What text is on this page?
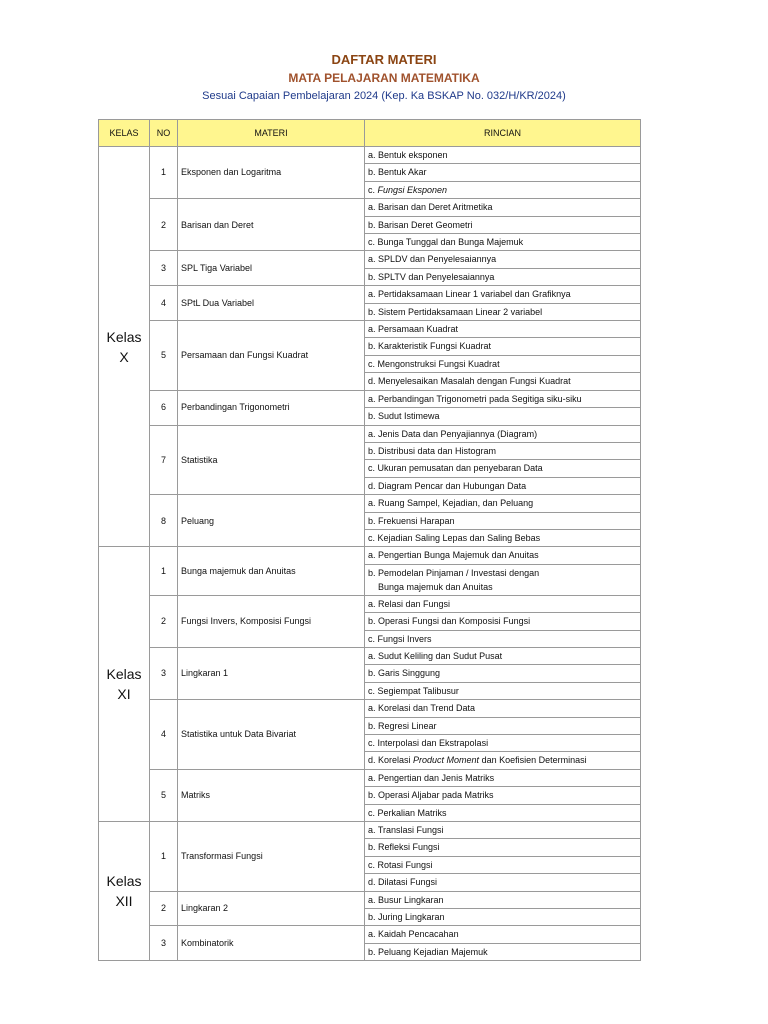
DAFTAR MATERI
MATA PELAJARAN MATEMATIKA
Sesuai Capaian Pembelajaran 2024 (Kep. Ka BSKAP No. 032/H/KR/2024)
KELAS	NO	MATERI	RINCIAN
Kelas X	1	Eksponen dan Logaritma	a. Bentuk eksponen
			b. Bentuk Akar
			c. Fungsi Eksponen
	2	Barisan dan Deret	a. Barisan dan Deret Aritmetika
			b. Barisan Deret Geometri
			c. Bunga Tunggal dan Bunga Majemuk
	3	SPL Tiga Variabel	a. SPLDV dan Penyelesaiannya
			b. SPLTV dan Penyelesaiannya
	4	SPtL Dua Variabel	a. Pertidaksamaan Linear 1 variabel dan Grafiknya
			b. Sistem Pertidaksamaan Linear 2 variabel
	5	Persamaan dan Fungsi Kuadrat	a. Persamaan Kuadrat
			b. Karakteristik Fungsi Kuadrat
			c. Mengonstruksi Fungsi Kuadrat
			d. Menyelesaikan Masalah dengan Fungsi Kuadrat
	6	Perbandingan Trigonometri	a. Perbandingan Trigonometri pada Segitiga siku-siku
			b. Sudut Istimewa
	7	Statistika	a. Jenis Data dan Penyajiannya (Diagram)
			b. Distribusi data dan Histogram
			c. Ukuran pemusatan dan penyebaran Data
			d. Diagram Pencar dan Hubungan Data
	8	Peluang	a. Ruang Sampel, Kejadian, dan Peluang
			b. Frekuensi Harapan
			c. Kejadian Saling Lepas dan Saling Bebas
Kelas
XI	1	Bunga majemuk dan Anuitas	a. Pengertian Bunga Majemuk dan Anuitas
			b. Pemodelan Pinjaman / Investasi dengan
Bunga majemuk dan Anuitas
	2	Fungsi Invers, Komposisi Fungsi	a. Relasi dan Fungsi
			b. Operasi Fungsi dan Komposisi Fungsi
			c. Fungsi Invers
	3	Lingkaran 1	a. Sudut Keliling dan Sudut Pusat
			b. Garis Singgung
			c. Segiempat Talibusur
	4	Statistika untuk Data Bivariat	a. Korelasi dan Trend Data
			b. Regresi Linear
			c. Interpolasi dan Ekstrapolasi
			d. Korelasi Product Moment dan Koefisien Determinasi
	5	Matriks	a. Pengertian dan Jenis Matriks
			b. Operasi Aljabar pada Matriks
			c. Perkalian Matriks
Kelas
XII	1	Transformasi Fungsi	a. Translasi Fungsi
			b. Refleksi Fungsi
			c. Rotasi Fungsi
			d. Dilatasi Fungsi
	2	Lingkaran 2	a. Busur Lingkaran
			b. Juring Lingkaran
	3	Kombinatorik	a. Kaidah Pencacahan
			b. Peluang Kejadian Majemuk
